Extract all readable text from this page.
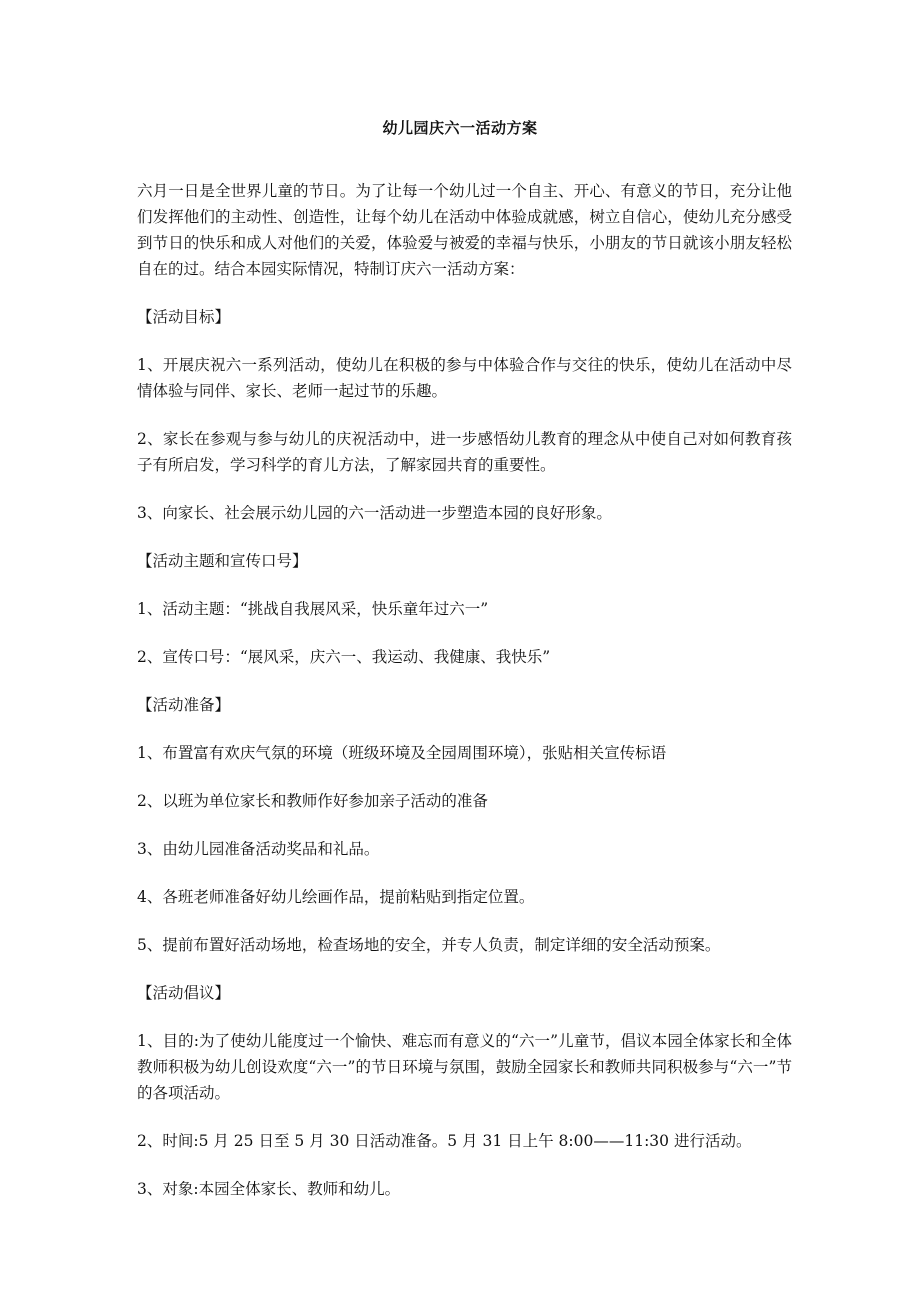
幼儿园庆六一活动方案

六月一日是全世界儿童的节日。为了让每一个幼儿过一个自主、开心、有意义的节日，充分让他们发挥他们的主动性、创造性，让每个幼儿在活动中体验成就感，树立自信心，使幼儿充分感受到节日的快乐和成人对他们的关爱，体验爱与被爱的幸福与快乐，小朋友的节日就该小朋友轻松自在的过。结合本园实际情况，特制订庆六一活动方案：

【活动目标】

1、开展庆祝六一系列活动，使幼儿在积极的参与中体验合作与交往的快乐，使幼儿在活动中尽情体验与同伴、家长、老师一起过节的乐趣。

2、家长在参观与参与幼儿的庆祝活动中，进一步感悟幼儿教育的理念从中使自己对如何教育孩子有所启发，学习科学的育儿方法，了解家园共育的重要性。

3、向家长、社会展示幼儿园的六一活动进一步塑造本园的良好形象。

【活动主题和宣传口号】

1、活动主题：“挑战自我展风采，快乐童年过六一”

2、宣传口号：“展风采，庆六一、我运动、我健康、我快乐”

【活动准备】

1、布置富有欢庆气氛的环境（班级环境及全园周围环境），张贴相关宣传标语

2、以班为单位家长和教师作好参加亲子活动的准备

3、由幼儿园准备活动奖品和礼品。

4、各班老师准备好幼儿绘画作品，提前粘贴到指定位置。

5、提前布置好活动场地，检查场地的安全，并专人负责，制定详细的安全活动预案。

【活动倡议】

1、目的:为了使幼儿能度过一个愉快、难忘而有意义的“六一”儿童节，倡议本园全体家长和全体教师积极为幼儿创设欢度“六一”的节日环境与氛围，鼓励全园家长和教师共同积极参与“六一”节的各项活动。

2、时间:5 月 25 日至 5 月 30 日活动准备。5 月 31 日上午 8:00——11:30 进行活动。

3、对象:本园全体家长、教师和幼儿。
